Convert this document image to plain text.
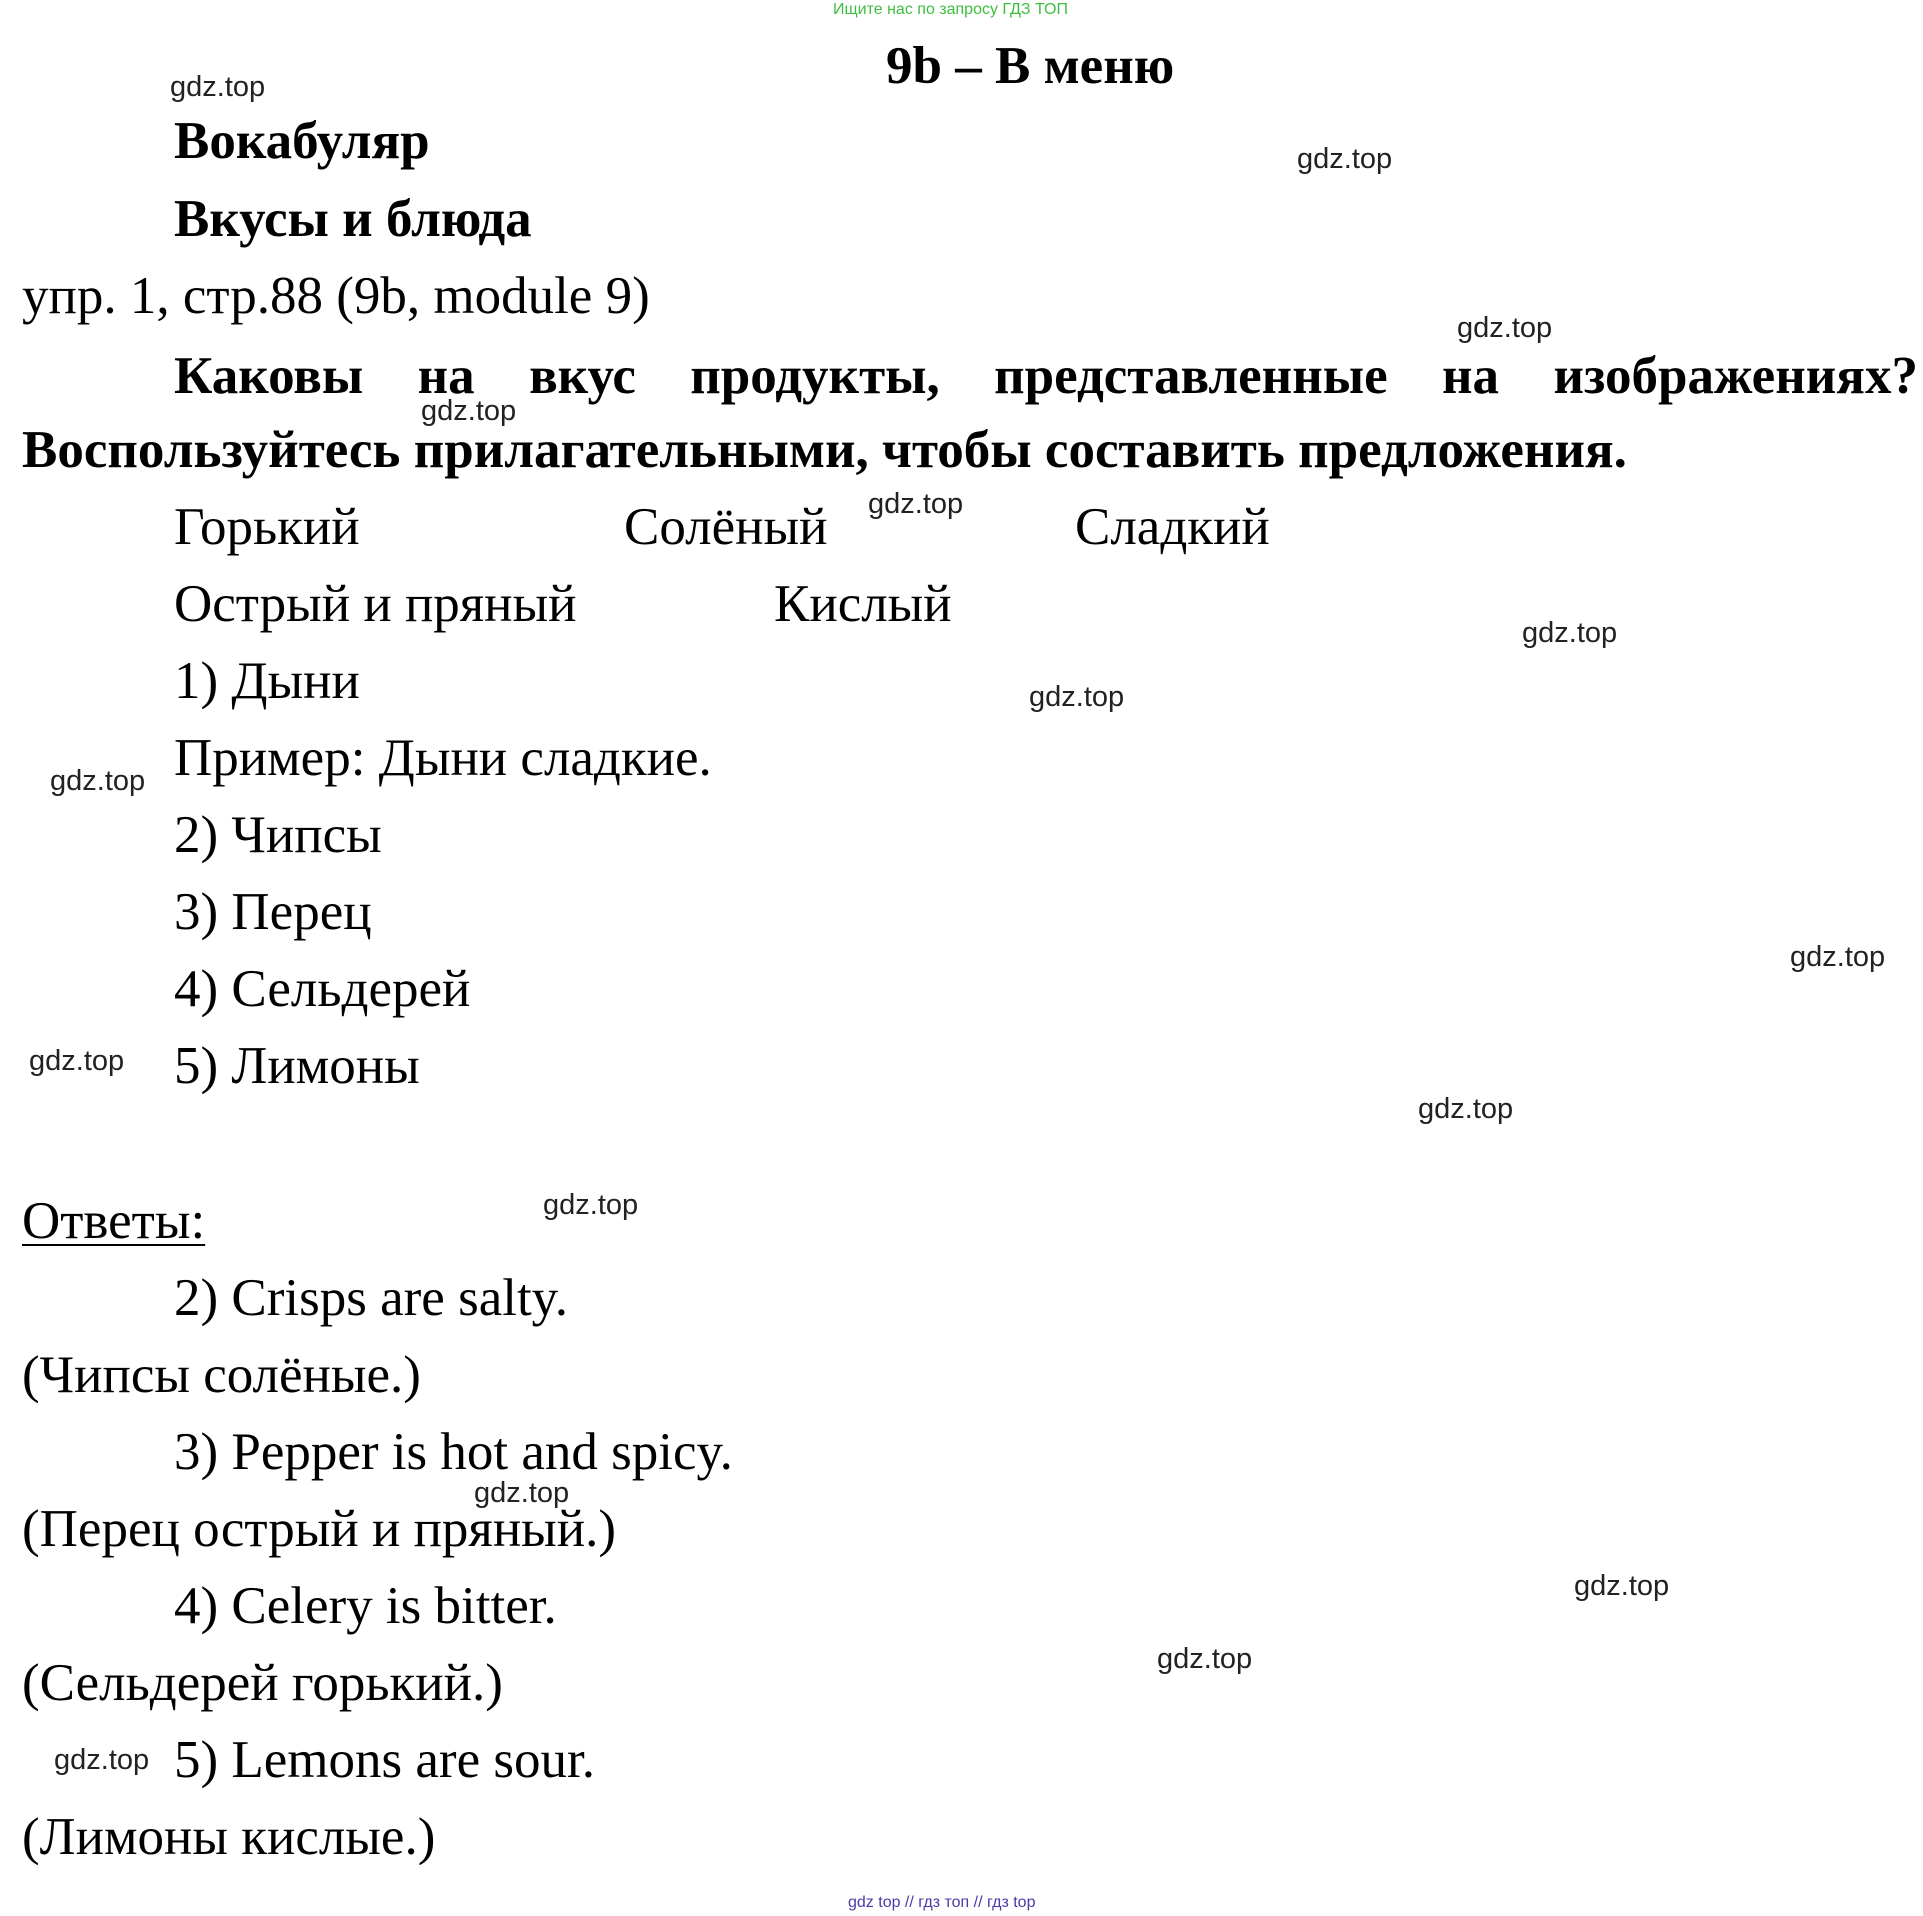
Ищите нас по запросу ГДЗ ТОП
9b – В меню
Вокабуляр
Вкусы и блюда
упр. 1, стр.88 (9b, module 9)
Каковы на вкус продукты, представленные на изображениях?
Воспользуйтесь прилагательными, чтобы составить предложения.
Горький	Солёный	Сладкий
Острый и пряный	Кислый
1) Дыни
Пример: Дыни сладкие.
2) Чипсы
3) Перец
4) Сельдерей
5) Лимоны
Ответы:
2) Crisps are salty.
(Чипсы солёные.)
3) Pepper is hot and spicy.
(Перец острый и пряный.)
4) Celery is bitter.
(Сельдерей горький.)
5) Lemons are sour.
(Лимоны кислые.)
gdz.top
gdz.top
gdz.top
gdz.top
gdz.top
gdz.top
gdz.top
gdz.top
gdz.top
gdz.top
gdz.top
gdz.top
gdz.top
gdz.top
gdz.top
gdz.top
gdz top // гдз топ // гдз top
